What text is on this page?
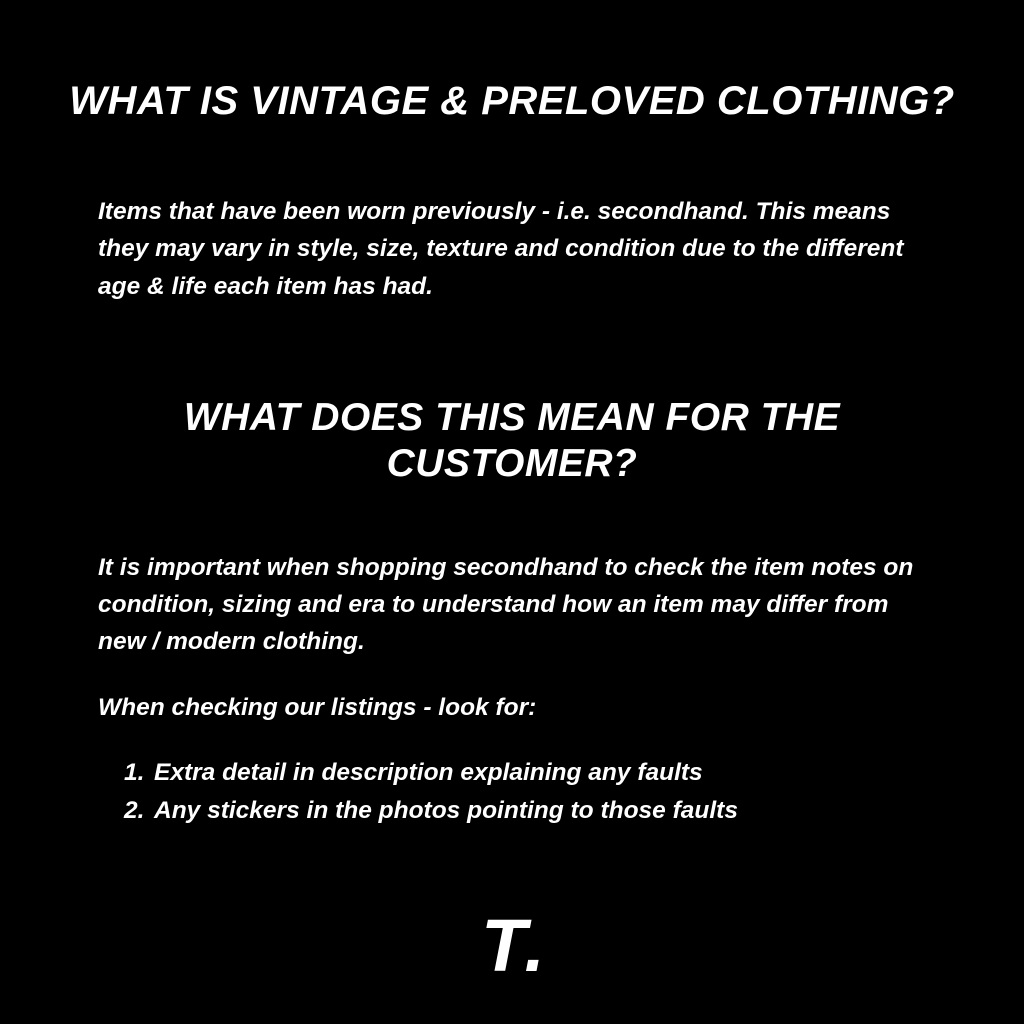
WHAT IS VINTAGE & PRELOVED CLOTHING?

Items that have been worn previously - i.e. secondhand. This means they may vary in style, size, texture and condition due to the different age & life each item has had.

WHAT DOES THIS MEAN FOR THE
CUSTOMER?

It is important when shopping secondhand to check the item notes on condition, sizing and era to understand how an item may differ from new / modern clothing.

When checking our listings - look for:

Extra detail in description explaining any faults
Any stickers in the photos pointing to those faults
T .
